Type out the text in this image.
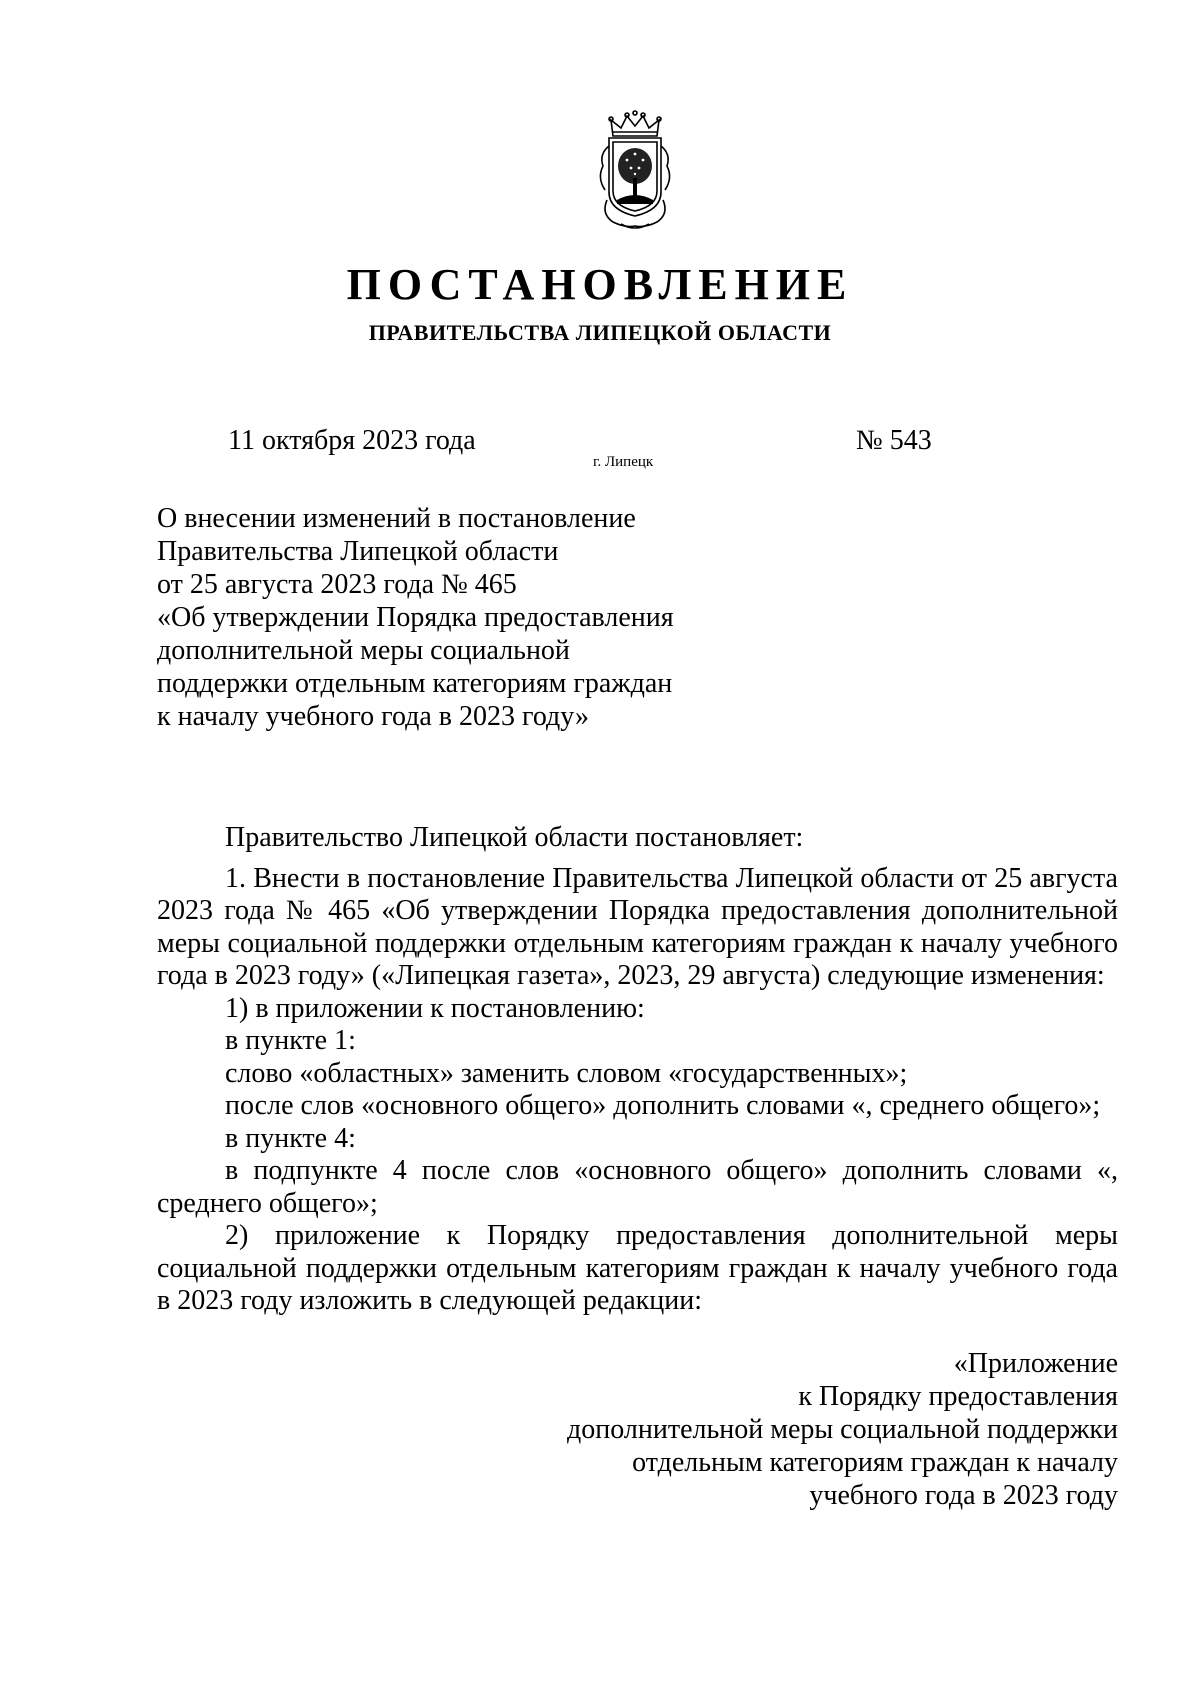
ПОСТАНОВЛЕНИЕ
ПРАВИТЕЛЬСТВА ЛИПЕЦКОЙ ОБЛАСТИ
11 октября 2023 года
г. Липецк
№ 543
О внесении изменений в постановление
Правительства Липецкой области
от 25 августа 2023 года № 465
«Об утверждении Порядка предоставления
дополнительной меры социальной
поддержки отдельным категориям граждан
к началу учебного года в 2023 году»

Правительство Липецкой области постановляет:

1. Внести в постановление Правительства Липецкой области от 25 августа 2023 года № 465 «Об утверждении Порядка предоставления дополнительной меры социальной поддержки отдельным категориям граждан к началу учебного года в 2023 году» («Липецкая газета», 2023, 29 августа) следующие изменения:

1) в приложении к постановлению:

в пункте 1:

слово «областных» заменить словом «государственных»;

после слов «основного общего» дополнить словами «, среднего общего»;

в пункте 4:

в подпункте 4 после слов «основного общего» дополнить словами «, среднего общего»;

2) приложение к Порядку предоставления дополнительной меры социальной поддержки отдельным категориям граждан к началу учебного года в 2023 году изложить в следующей редакции:

«Приложение
к Порядку предоставления
дополнительной меры социальной поддержки
отдельным категориям граждан к началу
учебного года в 2023 году
